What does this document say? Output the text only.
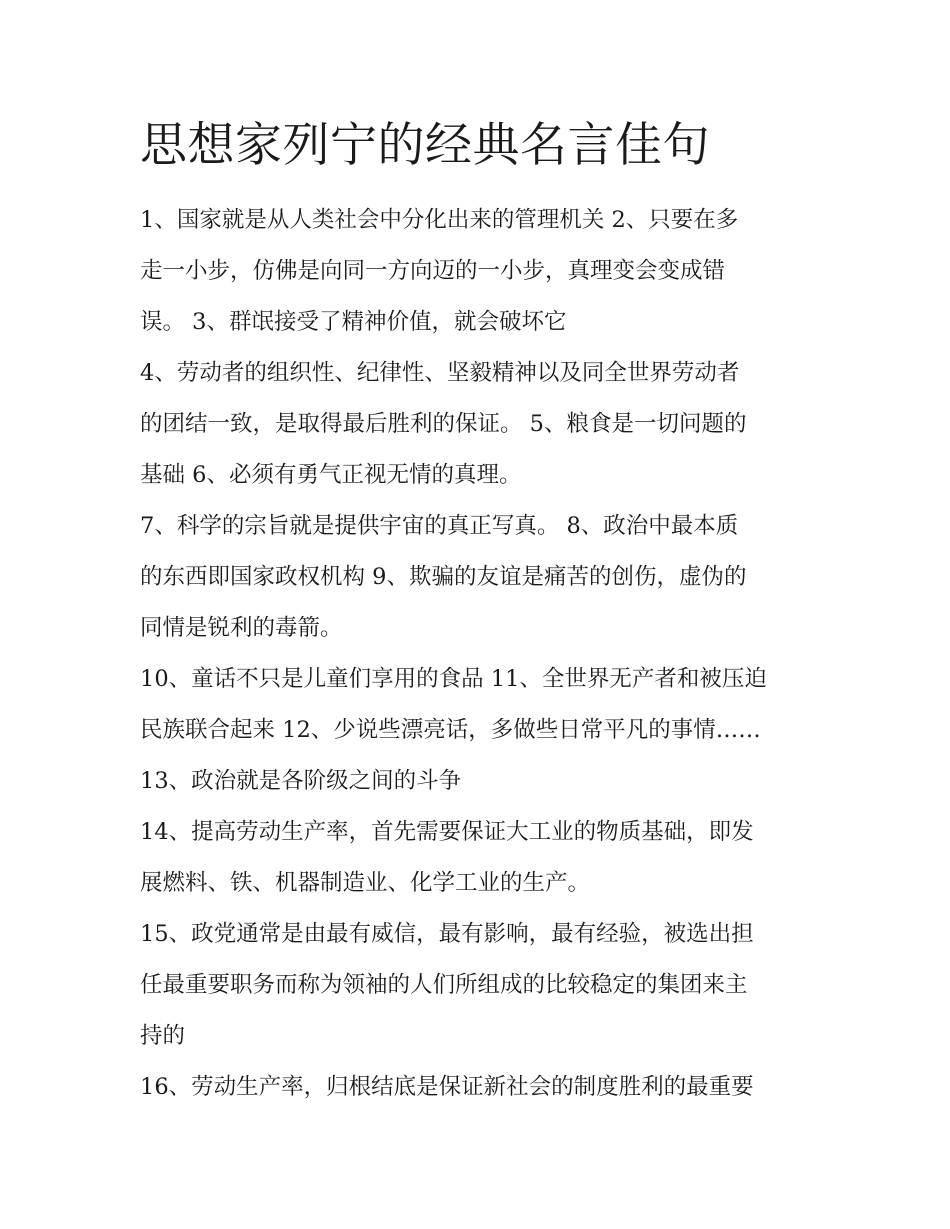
思想家列宁的经典名言佳句

1、国家就是从人类社会中分化出来的管理机关 2、只要在多
走一小步，仿佛是向同一方向迈的一小步，真理变会变成错
误。 3、群氓接受了精神价值，就会破坏它

4、劳动者的组织性、纪律性、坚毅精神以及同全世界劳动者
的团结一致，是取得最后胜利的保证。 5、粮食是一切问题的
基础 6、必须有勇气正视无情的真理。

7、科学的宗旨就是提供宇宙的真正写真。 8、政治中最本质
的东西即国家政权机构 9、欺骗的友谊是痛苦的创伤，虚伪的
同情是锐利的毒箭。

10、童话不只是儿童们享用的食品 11、全世界无产者和被压迫
民族联合起来 12、少说些漂亮话，多做些日常平凡的事情……

13、政治就是各阶级之间的斗争

14、提高劳动生产率，首先需要保证大工业的物质基础，即发
展燃料、铁、机器制造业、化学工业的生产。

15、政党通常是由最有威信，最有影响，最有经验，被选出担
任最重要职务而称为领袖的人们所组成的比较稳定的集团来主
持的

16、劳动生产率，归根结底是保证新社会的制度胜利的最重要
